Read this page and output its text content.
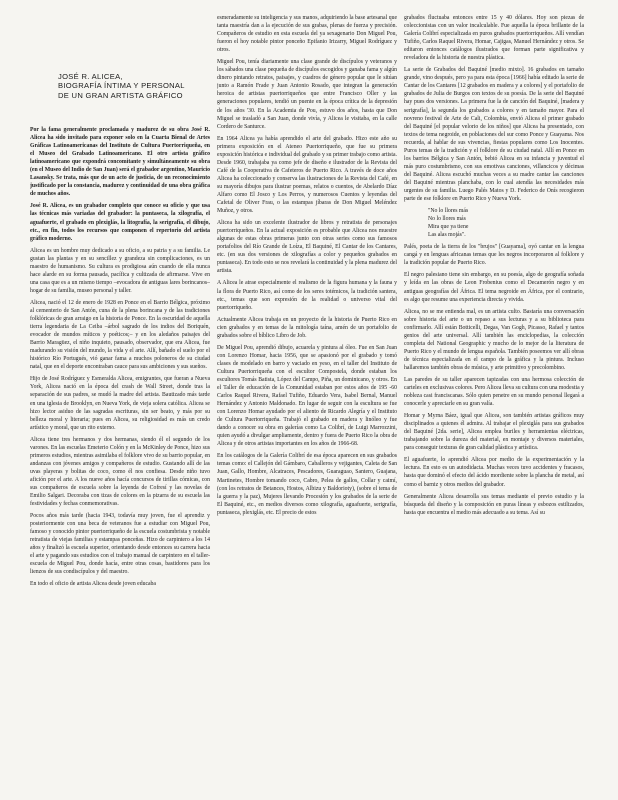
JOSÉ R. ALICEA,
BIOGRAFÍA ÍNTIMA Y PERSONAL
DE UN GRAN ARTISTA GRÁFICO

Por la fama generalmente proclamada y madurez de su obra José R. Alicea ha sido invitado para exponer solo en la Cuarta Bienal de Artes Gráficas Latinoamericanas del Instituto de Cultura Puertorriqueña, en el Museo del Grabado Latinoamericano. El otro artista gráfico latinoamericano que expondrá concomitante y simultáneamente su obra (en el Museo del Indio de San Juan) será el grabador argentino, Mauricio Lasansky. Se trata, más que de un acto de justicia, de un reconocimiento justificado por la constancia, madurez y continuidad de una obra gráfica de muchos años.

José R. Alicea, es un grabador completo que conoce su oficio y que usa las técnicas más variadas del grabador: la puntaseca, la xilografía, el aguafuerte, el grabado en plexiglás, la litografía, la serigrafía, el dibujo, etc., en fin, todos los recursos que componen el repertorio del artista gráfico moderno.

Alicea es un hombre muy dedicado a su oficio, a su patria y a su familia. Le gustan las plantas y en su sencillez y grandeza sin complicaciones, es un maestro de humanismo. Su cultura es prodigiosa aún cuando de ella nunca hace alarde en su forma pausada, pacífica y cultizada de afirmarse. Vive en una casa que es a un mismo tiempo –evocadora de antiguas lares borincanos– hogar de su familia, museo personal y taller.

Alicea, nació el 12 de enero de 1928 en Ponce en el Barrio Bélgica, próximo al cementerio de San Antón, cuna de la plena borincana y de las tradiciones folklóricas de gran arraigo en la historia de Ponce. En la oscuridad de aquella tierra legendaria de La Ceiba –árbol sagrado de los indios del Boriquén, evocador de mundos míticos y poéticos;– y en los aledaños paisajes del Barrio Maragüez, el niño inquieto, pausado, observador, que era Alicea, fue madurando su visión del mundo, la vida y el arte. Allí, bañado el suelo por el histórico Río Portugués, vió ganar fama a muchos poloneros de su ciudad natal, que en el deporte encontraban cauce para sus ambiciones y sus sueños.

Hijo de José Rodríguez y Esmeralda Alicea, emigrantes, que fueran a Nueva York, Alicea nació en la época del crash de Wall Street, donde tras la separación de sus padres, se mudó la madre del artista. Bautizado más tarde en una iglesia de Brooklyn, en Nueva York, de vieja solera católica. Alicea se hizo lector asiduo de las sagradas escrituras, sin ser beato, y más por su belleza moral y literaria; pues en Alicea, su religiosidad es más un credo artístico y moral, que un rito externo.

Alicea tiene tres hermanos y dos hermanas, siendo él el segundo de los varones. En las escuelas Emeterio Colón y en la McKinley de Ponce, hizo sus primeros estudios, mientras asimilaba el folklore vivo de su barrio popular, en andanzas con jóvenes amigos y compañeros de estudio. Gustando allí de las uvas playeras y bolitas de coco, como él nos confiesa. Desde niño tuvo afición por el arte. A los nueve años hacía concursos de tirillas cómicas, con sus compañeros de escuela sobre la leyenda de Cofresí y las novelas de Emilio Salgari. Decoraba con tizas de colores en la pizarra de su escuela las festividades y fechas conmemorativas.

Pocos años más tarde (hacia 1943, todavía muy joven, fue el aprendiz y posteriormente con una beca de veteranos fue a estudiar con Miguel Pou, famoso y conocido pintor puertorriqueño de la escuela costumbrista y notable retratista de viejas familias y estampas ponceñas. Hizo de carpintero a los 14 años y finalizó la escuela superior, orientando desde entonces su carrera hacia el arte y pagando sus estudios con el trabajo manual de carpintero en el taller-escuela de Miguel Pou, donde hacía, entre otras cosas, bastidores para los lienzos de sus condiscípulos y del maestro.

En todo el oficio de artista Alicea desde joven educaba

esmeradamente su inteligencia y sus manos, adquiriendo la base artesanal que tanta maestría dan a la ejecución de sus grabas, plenas de fuerza y precisión. Compañeros de estudio en esta escuela del ya sexagenario Don Miguel Pou, fueron el hoy notable pintor ponceño Epifanio Irizarry, Miguel Rodríguez y otros.

Miguel Pou, tenía diariamente una clase grande de discípulos y veteranos y los sábados una clase pequeña de discípulos escogidos y ganaba fama y algún dinero pintando retratos, paisajes, y cuadros de género popular que le sitúan junto a Ramón Frade y Juan Antonio Rosado, que integran la generación heroica de artistas puertorriqueños que entre Francisco Oller y las generaciones populares, tendió un puente en la época crítica de la depresión de los años '30. En la Academia de Pou, estuvo dos años, hasta que Don Miguel se trasladó a San Juan, donde vivía, y Alicea le visitaba, en la calle Cordero de Santurce.

En 1964 Alicea ya había aprendido el arte del grabado. Hizo este año su primera exposición en el Ateneo Puertorriqueño, que fue su primera exposición histórica e individual del grabado y su primer trabajo como artista. Desde 1960, trabajaba ya como jefe de diseño e ilustrador de la Revista del Café de la Cooperativa de Cafeteros de Puerto Rico. A través de doce años Alicea ha coleccionado y conserva las ilustraciones de la Revista del Café, en su mayoría dibujos para ilustrar poemas, relatos o cuentos, de Abelardo Díaz Alfaro como El Josco y Los Perros, y numerosos Cuentos y leyendas del Cafetal de Oliver Frau, o las estampas jíbaras de Don Miguel Meléndez Muñoz, y otros.

Alicea ha sido un excelente ilustrador de libros y retratista de personajes puertorriqueños. En la actual exposición es probable que Alicea nos muestre algunas de estas obras primeras junto con otras series como sus famosos portafolios del Río Grande de Loíza, El Baquiné, El Cantar de los Cantares, etc. (en sus dos versiones de xilografías a color y pequeños grabados en puntaseca). En todo esto se nos revelará la continuidad y la plena madurez del artista.

A Alicea le atrae especialmente el realismo de la figura humana y la fauna y la flora de Puerto Rico, así como de los seres totémicos, la tradición santera, etc., temas que son expresión de la realidad o universo vital del puertorriqueño.

Actualmente Alicea trabaja en un proyecto de la historia de Puerto Rico en cien grabados y en temas de la mitología taína, amén de un portafolio de grabados sobre el bíblico Libro de Job.

De Miguel Pou, aprendió dibujo, acuarela y pintura al óleo. Fue en San Juan con Lorenzo Homar, hacia 1956, que se apasionó por el grabado y tomó clases de modelado en barro y vaciado en yeso, en el taller del Instituto de Cultura Puertorriqueña con el escultor Compostela, donde estaban los escultores Tomás Batista, López del Campo, Piña, un dominicano, y otros. En el Taller de educación de la Comunidad estaban por estos años de 195 -60 Carlos Raquel Rivera, Rafael Tufiño, Eduardo Vera, Isabel Bernal, Manuel Hernández y Antonio Maldonado. En lugar de seguir con la escultura se fue con Lorenzo Homar ayudado por el aliento de Ricardo Alegría y el Instituto de Cultura Puertorriqueña. Trabajó el grabado en madera y linóleo y fue dando a conocer su obra en galerías como La Colibrí, de Luigi Marrozzini, quien ayudó a divulgar ampliamente, dentro y fuera de Puerto Rico la obra de Alicea y de otros artistas importantes en los años de 1966-68.

En los catálogos de la Galería Colibrí de esa época aparecen en sus grabados temas como: el Callejón del Gámbaro, Caballeros y vejigantes, Caleta de San Juan, Gallo, Hombre, Alcatraces, Pescadores, Guaraguao, Santero, Guajana, Martinetes, Hombre tomando coco, Cabro, Pelea de gallos, Collar y caimí, (con los retratos de Betances, Hostos, Albizu y Baldorioty), (sobre el tema de la guerra y la paz), Mujeres llevando Procesión y los grabados de la serie de El Baquiné, etc., en medios diversos como xilografía, aguafuerte, serigrafía, puntaseca, plexiglás, etc. El precio de estos

grabados fluctuaba entonces entre 15 y 40 dólares. Hoy son piezas de coleccionistas con un valor incalculable. Fue aquella la época brillante de la Galería Colibrí especializada en puros grabados puertorriqueños. Allí vendían Tufiño, Carlos Raquel Rivera, Homar, Cajigas, Manuel Hernández y otros. Se editaron entonces catálogos ilustrados que forman parte significativa y reveladora de la historia de nuestra plástica.

La serie de Grabados del Baquiné [medio mixto]. 16 grabados en tamaño grande, vino después, pero ya para esta época [1966] había editado la serie de Cantar de los Cantares [12 grabados en madera y a colores] y el portafolio de grabados de Julia de Burgos con textos de su poesía. De la serie del Baquiné hay pues dos versiones. La primera fue la de canción del Baquiné, [madera y serigrafía], la segunda los grabados a colores y en tamaño mayor. Para el novreno festival de Arte de Cali, Colombia, envió Alicea el primer grabado del Baquiné [el popular velorio de los niños] que Alicea ha presentado, con textos de tema negroide, en poblaciones del sur como Ponce y Guayama. Nos recuerda, al hablar de sus vivencias, fiestas populares como Los Inocentes. Puros temas de la tradición y el folklore de su ciudad natal. Allí en Ponce en los barrios Bélgica y San Antón, bebió Alicea en su infancia y juventud el más puro costumbrismo, con sus emotivas canciones, villancicos y décimas del Baquiné. Alicea escuchó muchas veces a su madre cantar las canciones del Baquiné mientras planchaba, con lo cual atendía las necesidades más urgentes de su familia. Luego Palés Matos y D. Federico de Onís recogieron parte de ese folklore en Puerto Rico y Nueva York.

"No lo llores más
No lo llores más
Mira que ya tiene
Las alas mojás".

Palés, poeta de la tierra de los "brujos" [Guayama], oyó cantar en la lengua cangá y en lenguas africanas temas que les negros incorporaron al folklore y la tradición popular de Puerto Rico.

El negro palesiano tiene sin embargo, en su poesía, algo de geografía soñada y leída en las obras de Leon Frobenius como el Decamerón negro y en antiguas geografías del África. El tema negroide en África, por el contrario, es algo que resume una experiencia directa y vivida.

Alicea, no se me entienda mal, es un artista culto. Bastaría una conversación sobre historia del arte o un repaso a sus lecturas y a su biblioteca para confirmarlo. Allí están Botticelli, Degas, Van Gogh, Picasso, Rafael y tantos genios del arte universal. Allí también las enciclopedias, la colección completa del National Geographic y mucho de lo mejor de la literatura de Puerto Rico y el mundo de lengua española. También poseemos ver allí obras de técnica especializada en el campo de la gráfica y la pintura. Incluso hallaremos también obras de música, y arte primitivo y precolombino.

Las paredes de su taller aparecen tapizadas con una hermosa colección de carteles en exclusivas colores. Pero Alicea lleva su cultura con una modestia y nobleza casi franciscanas. Sólo quien penetre en su mundo personal llegará a conocerle y apreciarle en su gran valía.

Homar y Myrna Báez, igual que Alicea, son también artistas gráficos muy disciplinados a quienes él admira. Al trabajar el plexiglás para sus grabados del Baquiné [2da. serie], Alicea emplea buriles y herramientas eléctricas, trabajando sobre la dureza del material, en montaje y diversos materiales, para conseguir texturas de gran calidad plástica y artística.

El aguafuerte, lo aprendió Alicea por medio de la experimentación y la lectura. En esto es un autodidacta. Muchas veces tuvo accidentes y fracasos, hasta que dominó el efecto del ácido mordiente sobre la plancha de metal, así como el barniz y otros medios del grabador.

Generalmente Alicea desarrolla sus temas mediante el previo estudio y la búsqueda del diseño y la composición en puras líneas y esbozos estilizados, hasta que encuentra el medio más adecuado a su tema. Así su
